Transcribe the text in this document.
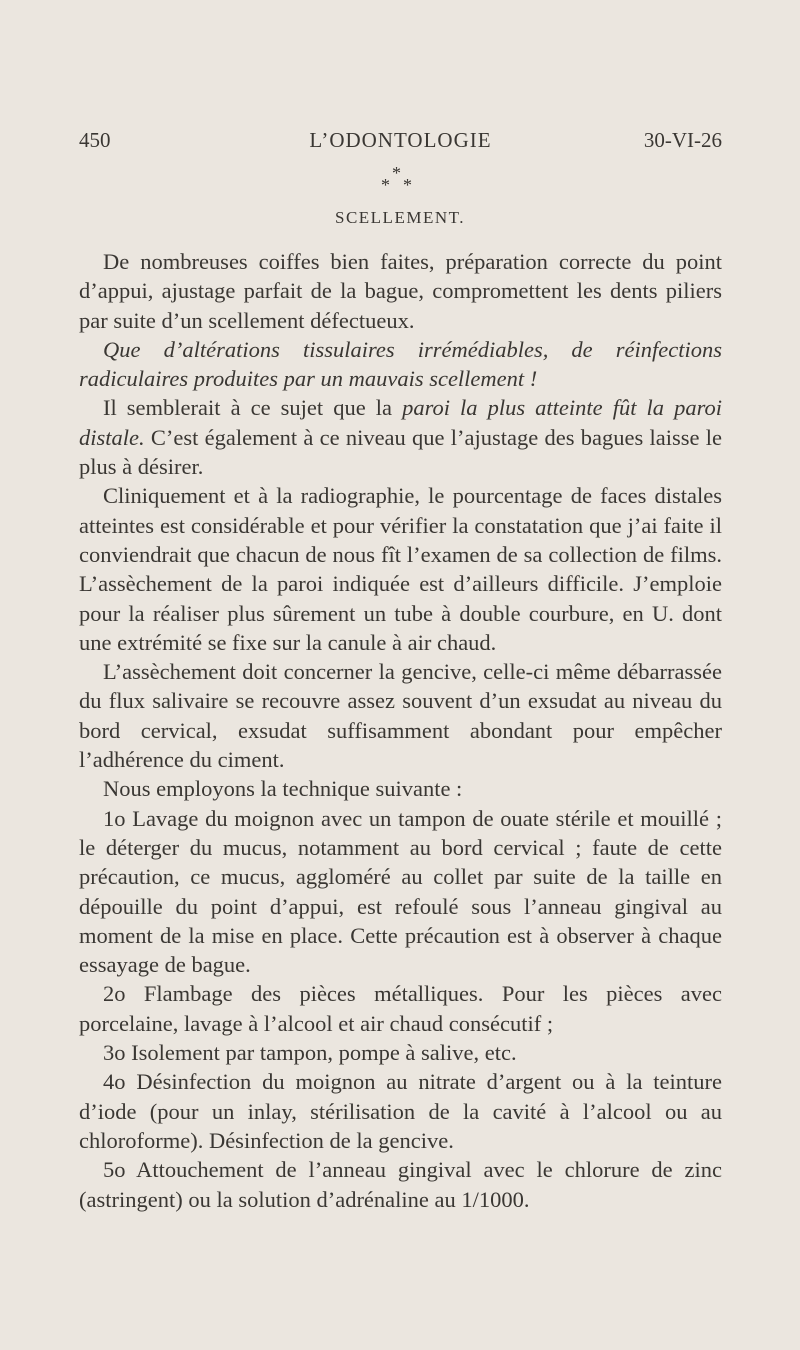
450	L’ODONTOLOGIE	30-VI-26
*
* *
SCELLEMENT.

De nombreuses coiffes bien faites, préparation correcte du point d’appui, ajustage parfait de la bague, compromettent les dents piliers par suite d’un scellement défectueux.

Que d’altérations tissulaires irrémédiables, de réinfections radiculaires produites par un mauvais scellement !

Il semblerait à ce sujet que la paroi la plus atteinte fût la paroi distale. C’est également à ce niveau que l’ajustage des bagues laisse le plus à désirer.

Cliniquement et à la radiographie, le pourcentage de faces distales atteintes est considérable et pour vérifier la constatation que j’ai faite il conviendrait que chacun de nous fît l’examen de sa collection de films. L’assèchement de la paroi indiquée est d’ailleurs difficile. J’emploie pour la réaliser plus sûrement un tube à double courbure, en U. dont une extrémité se fixe sur la canule à air chaud.

L’assèchement doit concerner la gencive, celle-ci même débarrassée du flux salivaire se recouvre assez souvent d’un exsudat au niveau du bord cervical, exsudat suffisamment abondant pour empêcher l’adhérence du ciment.

Nous employons la technique suivante :

1o Lavage du moignon avec un tampon de ouate stérile et mouillé ; le déterger du mucus, notamment au bord cervical ; faute de cette précaution, ce mucus, aggloméré au collet par suite de la taille en dépouille du point d’appui, est refoulé sous l’anneau gingival au moment de la mise en place. Cette précaution est à observer à chaque essayage de bague.

2o Flambage des pièces métalliques. Pour les pièces avec porcelaine, lavage à l’alcool et air chaud consécutif ;

3o Isolement par tampon, pompe à salive, etc.

4o Désinfection du moignon au nitrate d’argent ou à la teinture d’iode (pour un inlay, stérilisation de la cavité à l’alcool ou au chloroforme). Désinfection de la gencive.

5o Attouchement de l’anneau gingival avec le chlorure de zinc (astringent) ou la solution d’adrénaline au 1/1000.
